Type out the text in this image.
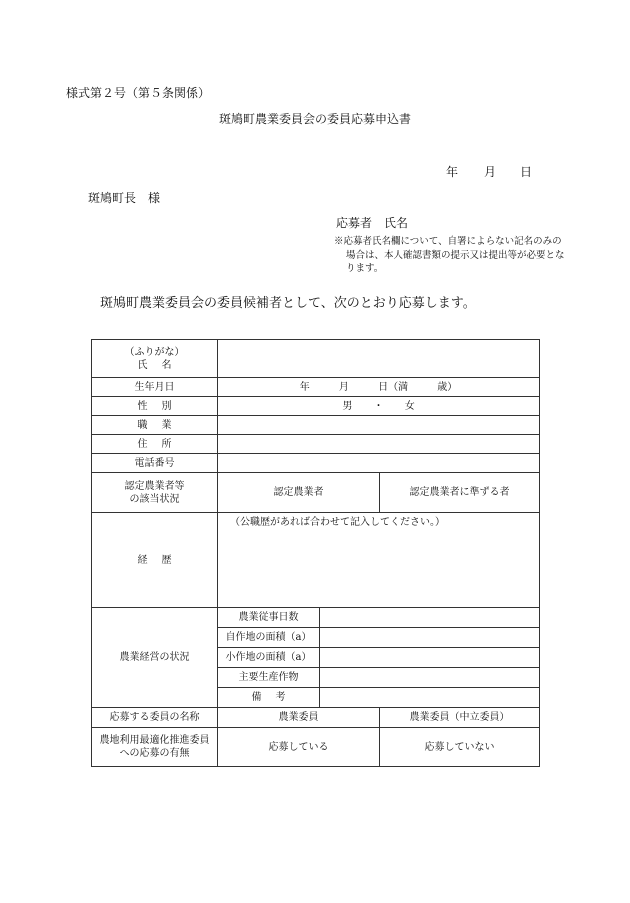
様式第２号（第５条関係）
斑鳩町農業委員会の委員応募申込書
年 月 日
斑鳩町長　様
応募者　氏名
※応募者氏名欄について、自署によらない記名のみの
場合は、本人確認書類の提示又は提出等が必要とな
ります。
斑鳩町農業委員会の委員候補者として、次のとおり応募します。
（ふりがな）
氏名			

生年月日	年 月 日（満 歳）		
性別	男 ・ 女		
職業			
住所			
電話番号			

認定農業者等
の該当状況	認定農業者		認定農業者に準ずる者
経歴	（公職歴があれば合わせて記入してください。）		
農業経営の状況	農業従事日数		
	自作地の面積（a）		
	小作地の面積（a）		
	主要生産作物		
	備考		
応募する委員の名称	農業委員		農業委員（中立委員）

農地利用最適化推進委員
への応募の有無	応募している		応募していない
